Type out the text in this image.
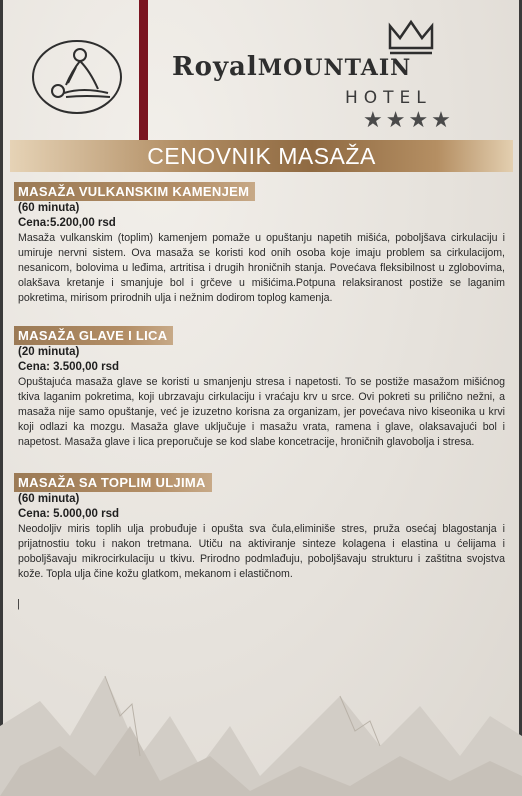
RoyalMOUNTAIN
HOTEL
★★★★
CENOVNIK MASAŽA
MASAŽA VULKANSKIM KAMENJEM
(60 minuta)
Cena:5.200,00 rsd
Masaža vulkanskim (toplim) kamenjem pomaže u opuštanju napetih mišića, poboljšava cirkulaciju i umiruje nervni sistem. Ova masaža se koristi kod onih osoba koje imaju problem sa cirkulacijom, nesanicom, bolovima u leđima, artritisa i drugih hroničnih stanja. Povećava fleksibilnost u zglobovima, olakšava kretanje i smanjuje bol i grčeve u mišićima.Potpuna relaksiranost postiže se laganim pokretima, mirisom prirodnih ulja i nežnim dodirom toplog kamenja.
MASAŽA GLAVE I LICA
(20 minuta)
Cena: 3.500,00 rsd
Opuštajuća masaža glave se koristi u smanjenju stresa i napetosti. To se postiže masažom mišićnog tkiva laganim pokretima, koji ubrzavaju cirkulaciju i vraćaju krv u srce. Ovi pokreti su prilično nežni, a masaža nije samo opuštanje, već je izuzetno korisna za organizam, jer povećava nivo kiseonika u krvi koji odlazi ka mozgu. Masaža glave uključuje i masažu vrata, ramena i glave, olaksavajući bol i napetost. Masaža glave i lica preporučuje se kod slabe koncetracije, hroničnih glavobolja i stresa.
MASAŽA SA TOPLIM ULJIMA
(60 minuta)
Cena: 5.000,00 rsd
Neodoljiv miris toplih ulja probuđuje i opušta sva čula,eliminiše stres, pruža osećaj blagostanja i prijatnostiu toku i nakon tretmana. Utiču na aktiviranje sinteze kolagena i elastina u ćelijama i poboljšavaju mikrocirkulaciju u tkivu. Prirodno podmlađuju, poboljšavaju strukturu i zaštitna svojstva kože. Topla ulja čine kožu glatkom, mekanom i elastičnom.
|
